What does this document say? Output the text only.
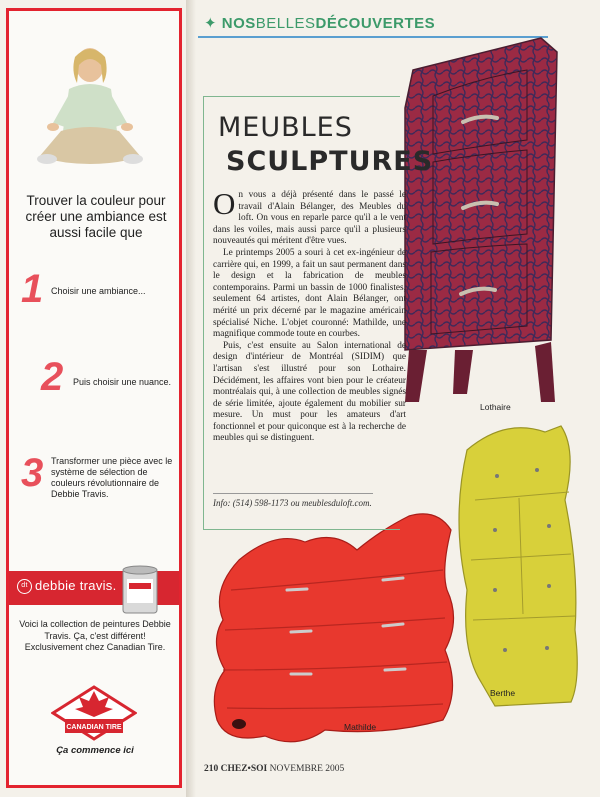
Trouver la couleur pour créer une ambiance est aussi facile que
1 Choisir une ambiance...
2 Puis choisir une nuance.
3 Transformer une pièce avec le système de sélection de couleurs révolutionnaire de Debbie Travis.
dt debbie travis.
Voici la collection de peintures Debbie Travis. Ça, c'est différent! Exclusivement chez Canadian Tire.
CANADIAN TIRE
Ça commence ici
✦ NOSBELLESDÉCOUVERTES
Lothaire
Berthe
Mathilde
MEUBLES
SCULPTURES

On vous a déjà présenté dans le passé le travail d'Alain Bélanger, des Meubles du loft. On vous en reparle parce qu'il a le vent dans les voiles, mais aussi parce qu'il a plusieurs nouveautés qui méritent d'être vues.

Le printemps 2005 a souri à cet ex-ingénieur de carrière qui, en 1999, a fait un saut permanent dans le design et la fabrication de meubles contemporains. Parmi un bassin de 1000 finalistes, seulement 64 artistes, dont Alain Bélanger, ont mérité un prix décerné par le magazine américain spécialisé Niche. L'objet couronné: Mathilde, une magnifique commode toute en courbes.

Puis, c'est ensuite au Salon international de design d'intérieur de Montréal (SIDIM) que l'artisan s'est illustré pour son Lothaire. Décidément, les affaires vont bien pour le créateur montréalais qui, à une collection de meubles signés de série limitée, ajoute également du mobilier sur mesure. Un must pour les amateurs d'art fonctionnel et pour quiconque est à la recherche de meubles qui se distinguent.

Info: (514) 598-1173 ou meublesduloft.com.
210 CHEZ•SOI NOVEMBRE 2005
